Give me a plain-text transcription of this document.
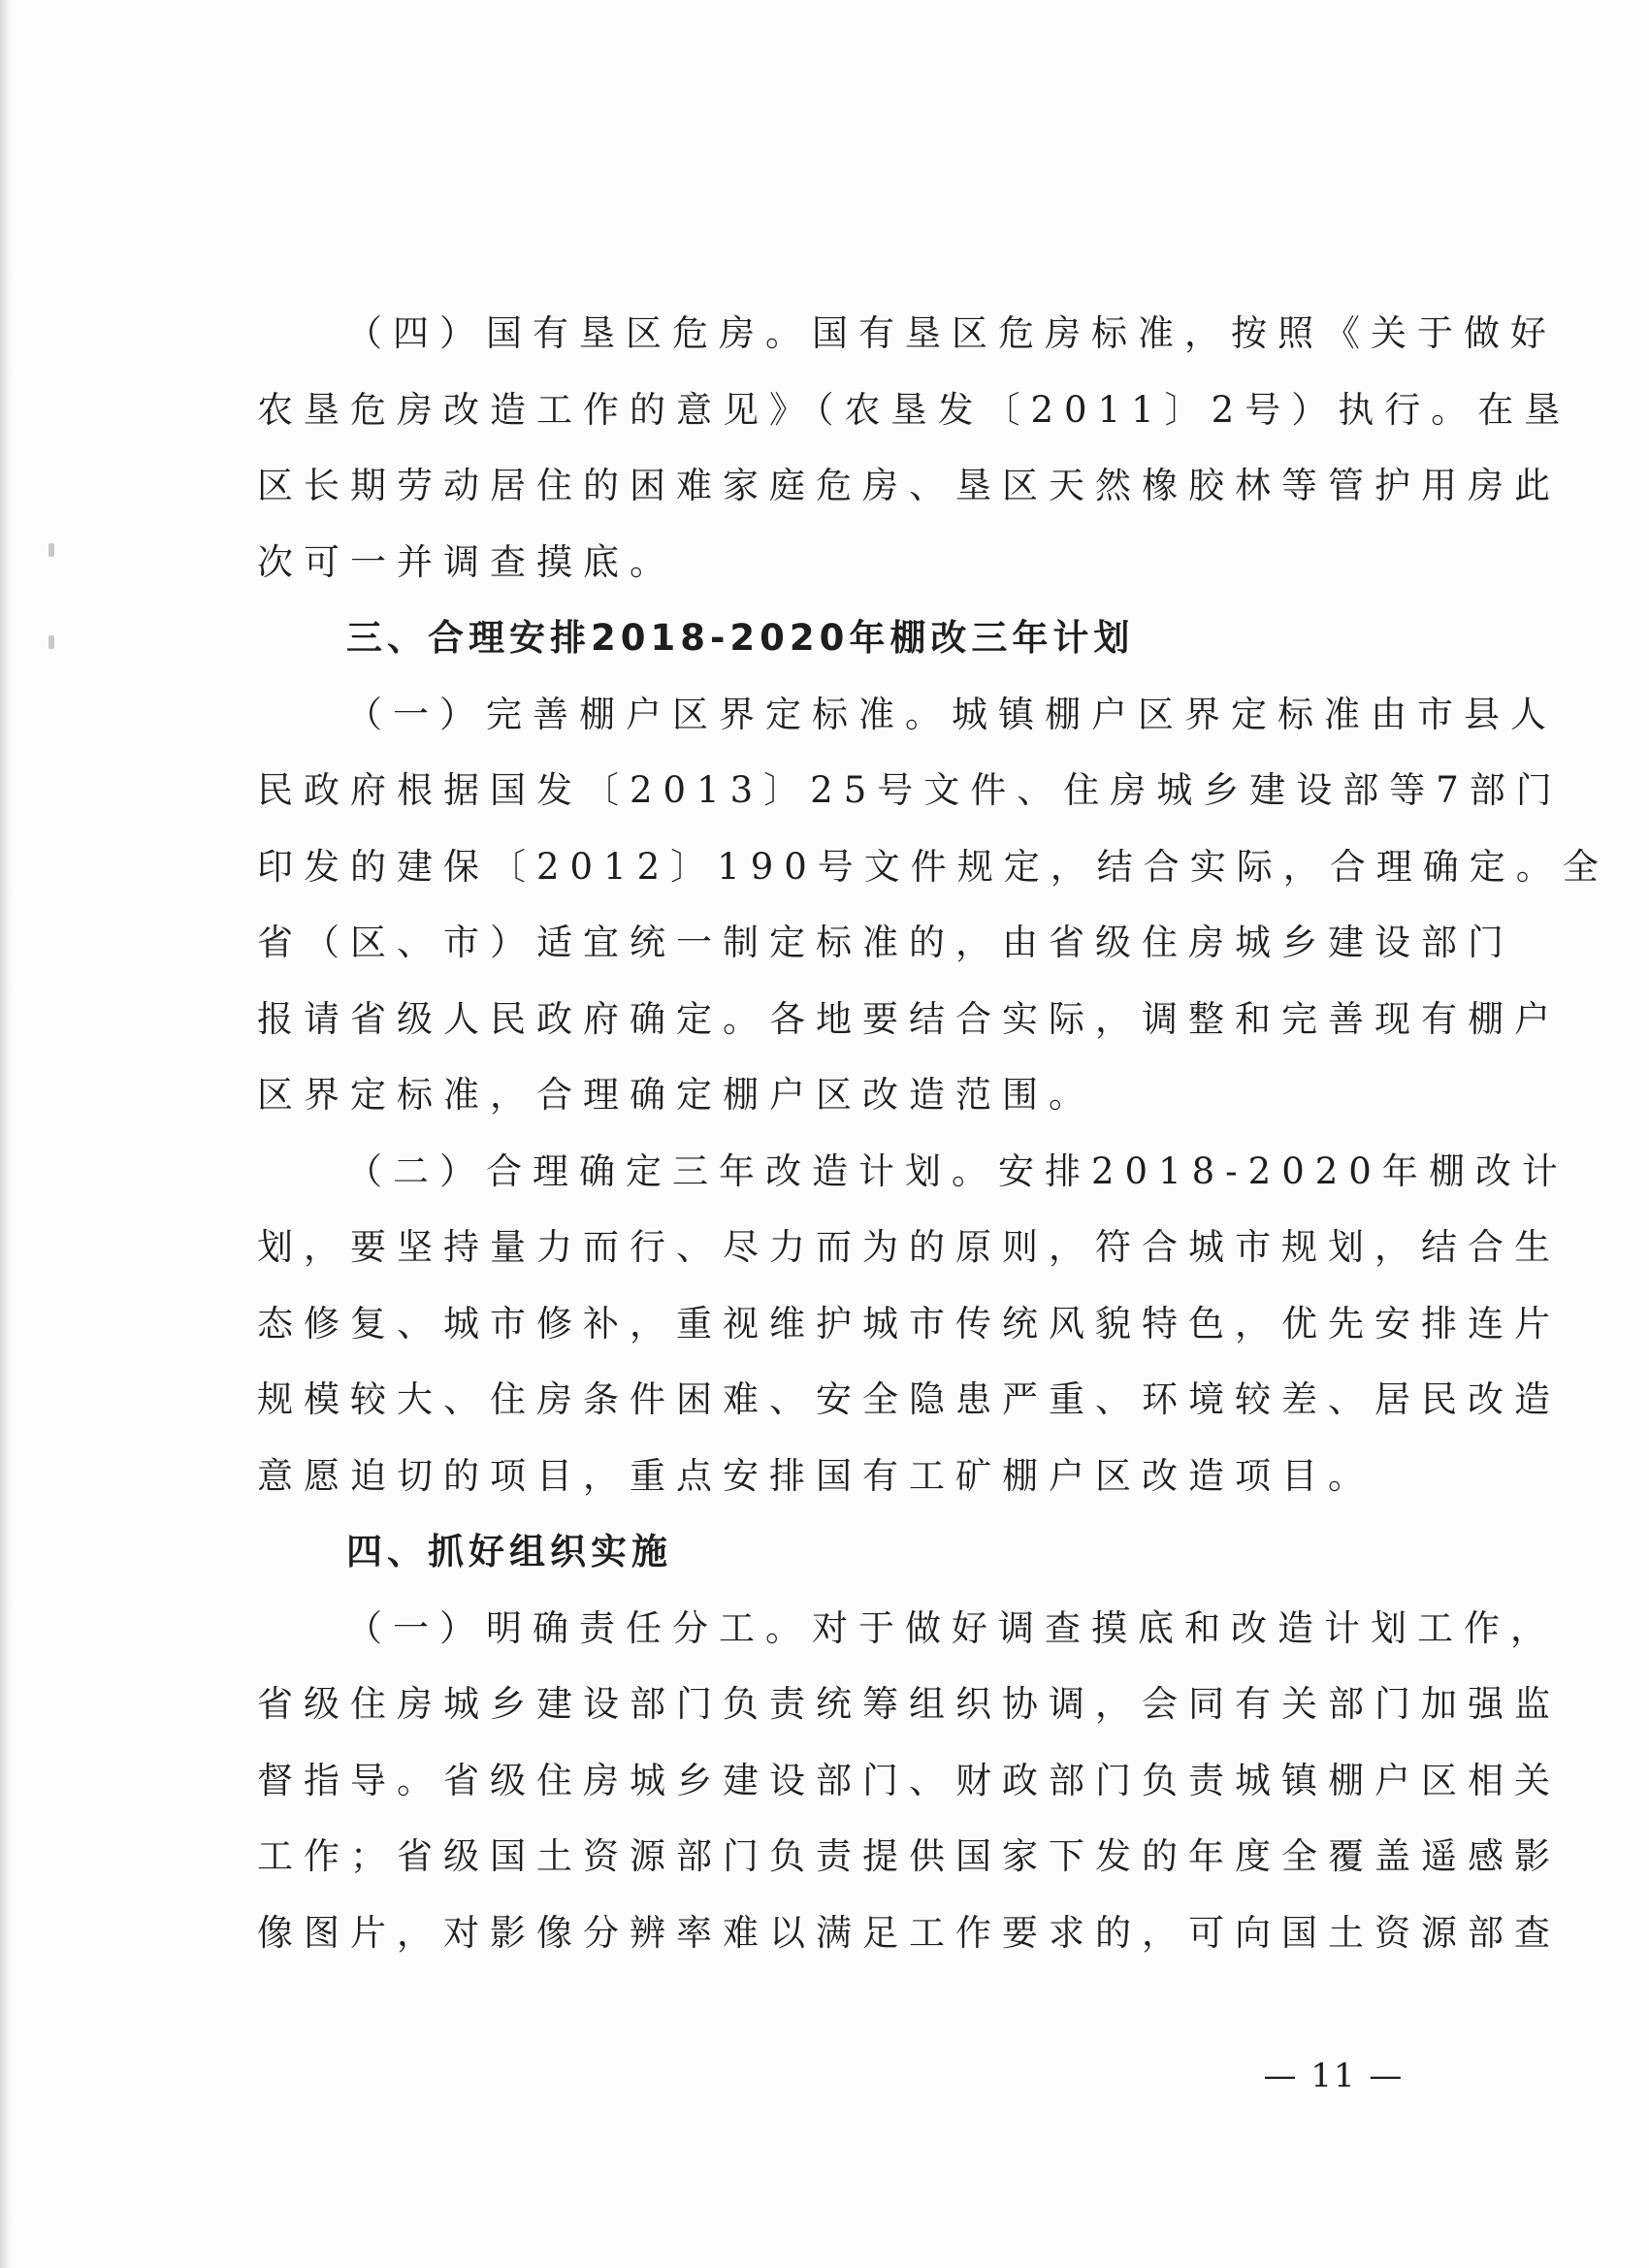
（四）国有垦区危房。国有垦区危房标准，按照《关于做好
农垦危房改造工作的意见》（农垦发〔2011〕2号）执行。在垦
区长期劳动居住的困难家庭危房、垦区天然橡胶林等管护用房此
次可一并调查摸底。
三、合理安排2018-2020年棚改三年计划
（一）完善棚户区界定标准。城镇棚户区界定标准由市县人
民政府根据国发〔2013〕25号文件、住房城乡建设部等7部门
印发的建保〔2012〕190号文件规定，结合实际，合理确定。全
省（区、市）适宜统一制定标准的，由省级住房城乡建设部门
报请省级人民政府确定。各地要结合实际，调整和完善现有棚户
区界定标准，合理确定棚户区改造范围。
（二）合理确定三年改造计划。安排2018-2020年棚改计
划，要坚持量力而行、尽力而为的原则，符合城市规划，结合生
态修复、城市修补，重视维护城市传统风貌特色，优先安排连片
规模较大、住房条件困难、安全隐患严重、环境较差、居民改造
意愿迫切的项目，重点安排国有工矿棚户区改造项目。
四、抓好组织实施
（一）明确责任分工。对于做好调查摸底和改造计划工作，
省级住房城乡建设部门负责统筹组织协调，会同有关部门加强监
督指导。省级住房城乡建设部门、财政部门负责城镇棚户区相关
工作；省级国土资源部门负责提供国家下发的年度全覆盖遥感影
像图片，对影像分辨率难以满足工作要求的，可向国土资源部查
— 11 —
